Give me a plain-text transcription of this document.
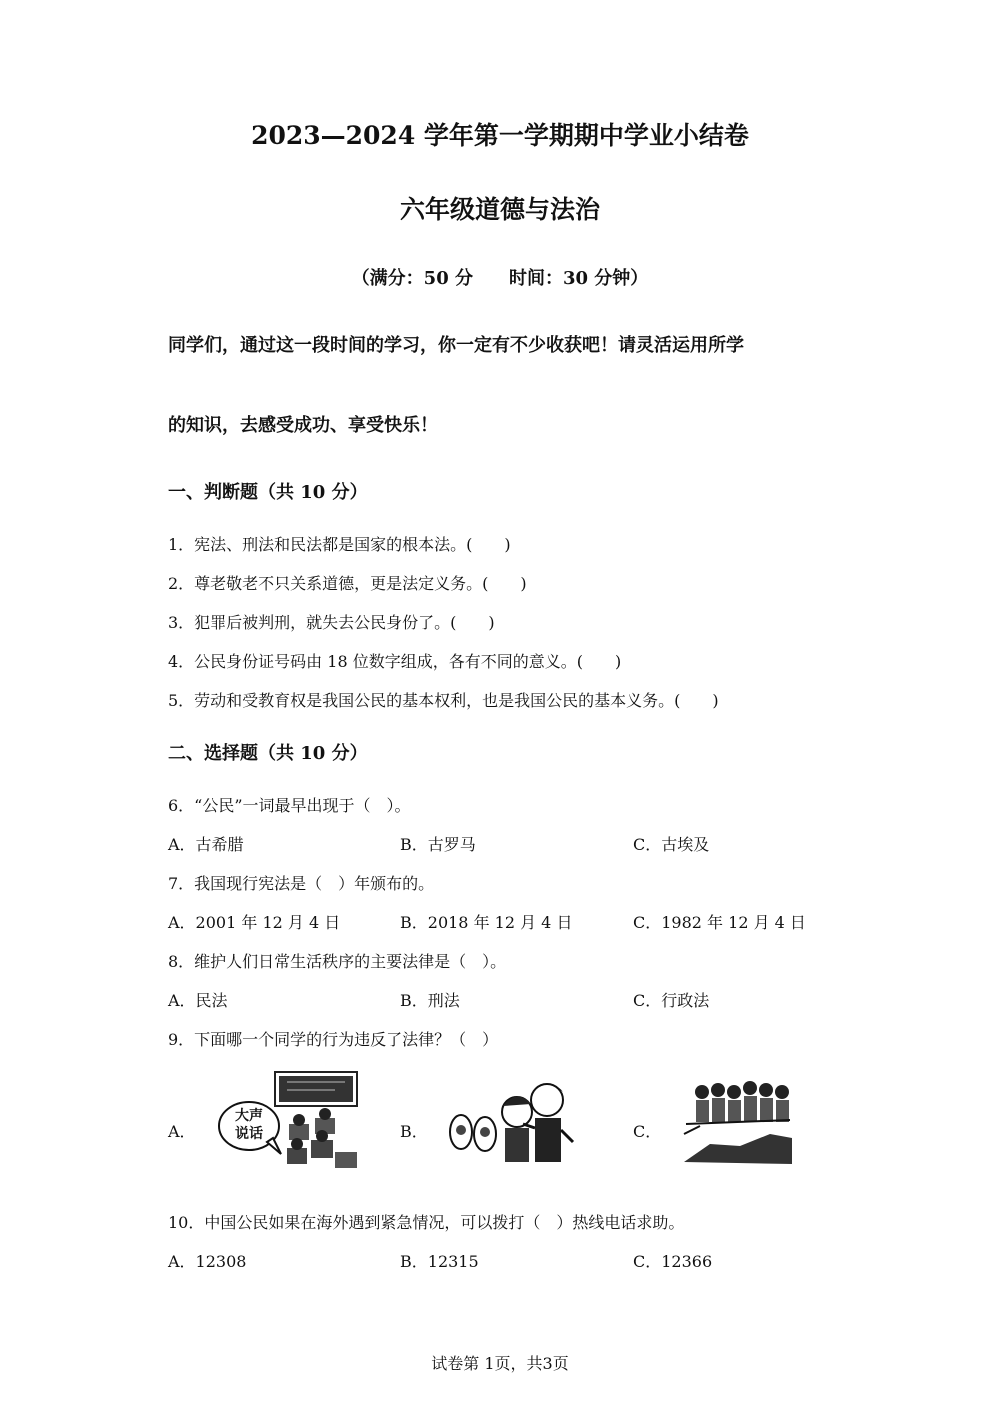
2023—2024 学年第一学期期中学业小结卷
六年级道德与法治
（满分：50 分　　时间：30 分钟）
同学们，通过这一段时间的学习，你一定有不少收获吧！请灵活运用所学
的知识，去感受成功、享受快乐！
一、判断题（共 10 分）
1．宪法、刑法和民法都是国家的根本法。(　　)
2．尊老敬老不只关系道德，更是法定义务。(　　)
3．犯罪后被判刑，就失去公民身份了。(　　)
4．公民身份证号码由 18 位数字组成，各有不同的意义。(　　)
5．劳动和受教育权是我国公民的基本权利，也是我国公民的基本义务。(　　)
二、选择题（共 10 分）
6．“公民”一词最早出现于（　）。
A．古希腊	B．古罗马	C．古埃及
7．我国现行宪法是（　）年颁布的。
A．2001 年 12 月 4 日	B．2018 年 12 月 4 日	C．1982 年 12 月 4 日
8．维护人们日常生活秩序的主要法律是（　）。
A．民法	B．刑法	C．行政法
9．下面哪一个同学的行为违反了法律？（　）
A．	B．	C．
大声
说话
10．中国公民如果在海外遇到紧急情况，可以拨打（　）热线电话求助。
A．12308	B．12315	C．12366
试卷第 1页，共3页
